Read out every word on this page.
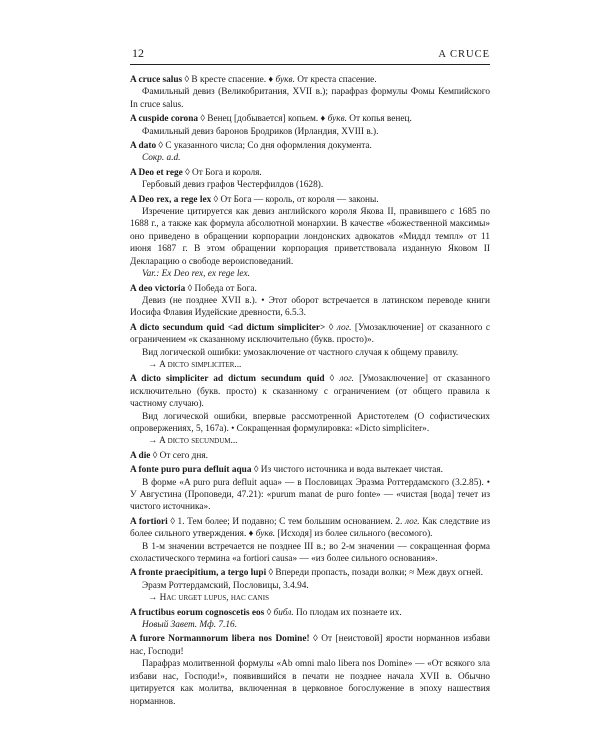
12	A CRUCE

A cruce salus ◊ В кресте спасение. ♦ букв. От креста спасение.

Фамильный девиз (Великобритания, XVII в.); парафраз формулы Фомы Кемпийского In cruce salus.

A cuspide corona ◊ Венец [добывается] копьем. ♦ букв. От копья венец.

Фамильный девиз баронов Бродриков (Ирландия, XVIII в.).

A dato ◊ С указанного числа; Со дня оформления документа.

Сокр. a.d.

A Deo et rege ◊ От Бога и короля.

Гербовый девиз графов Честерфилдов (1628).

A Deo rex, a rege lex ◊ От Бога — король, от короля — законы.

Изречение цитируется как девиз английского короля Якова II, правившего с 1685 по 1688 г., а также как формула абсолютной монархии. В качестве «божественной максимы» оно приведено в обращении корпорации лондонских адвокатов «Миддл темпл» от 11 июня 1687 г. В этом обращении корпорация приветствовала изданную Яковом II Декларацию о свободе вероисповеданий.

Var.: Ex Deo rex, ex rege lex.

A deo victoria ◊ Победа от Бога.

Девиз (не позднее XVII в.). • Этот оборот встречается в латинском переводе книги Иосифа Флавия Иудейские древности, 6.5.3.

A dicto secundum quid <ad dictum simpliciter> ◊ лог. [Умозаключение] от сказанного с ограничением «к сказанному исключительно (букв. просто)».

Вид логической ошибки: умозаключение от частного случая к общему правилу.

→ A dicto simpliciter...

A dicto simpliciter ad dictum secundum quid ◊ лог. [Умозаключение] от сказанного исключительно (букв. просто) к сказанному с ограничением (от общего правила к частному случаю).

Вид логической ошибки, впервые рассмотренной Аристотелем (О софистических опровержениях, 5, 167a). • Сокращенная формулировка: «Dicto simpliciter».

→ A dicto secundum...

A die ◊ От сего дня.

A fonte puro pura defluit aqua ◊ Из чистого источника и вода вытекает чистая.

В форме «A puro pura defluit aqua» — в Пословицах Эразма Роттердамского (3.2.85). • У Августина (Проповеди, 47.21): «purum manat de puro fonte» — «чистая [вода] течет из чистого источника».

A fortiori ◊ 1. Тем более; И подавно; С тем большим основанием. 2. лог. Как следствие из более сильного утверждения. ♦ букв. [Исходя] из более сильного (весомого).

В 1-м значении встречается не позднее III в.; во 2-м значении — сокращенная форма схоластического термина «a fortiori causa» — «из более сильного основания».

A fronte praecipitium, a tergo lupi ◊ Впереди пропасть, позади волки; ≈ Меж двух огней.

Эразм Роттердамский, Пословицы, 3.4.94.

→ Hac urget lupus, hac canis

A fructibus eorum cognoscetis eos ◊ библ. По плодам их познаете их.

Новый Завет. Мф. 7.16.

A furore Normannorum libera nos Domine! ◊ От [неистовой] ярости норманнов избави нас, Господи!

Парафраз молитвенной формулы «Ab omni malo libera nos Domine» — «От всякого зла избави нас, Господи!», появившийся в печати не позднее начала XVII в. Обычно цитируется как молитва, включенная в церковное богослужение в эпоху нашествия норманнов.
